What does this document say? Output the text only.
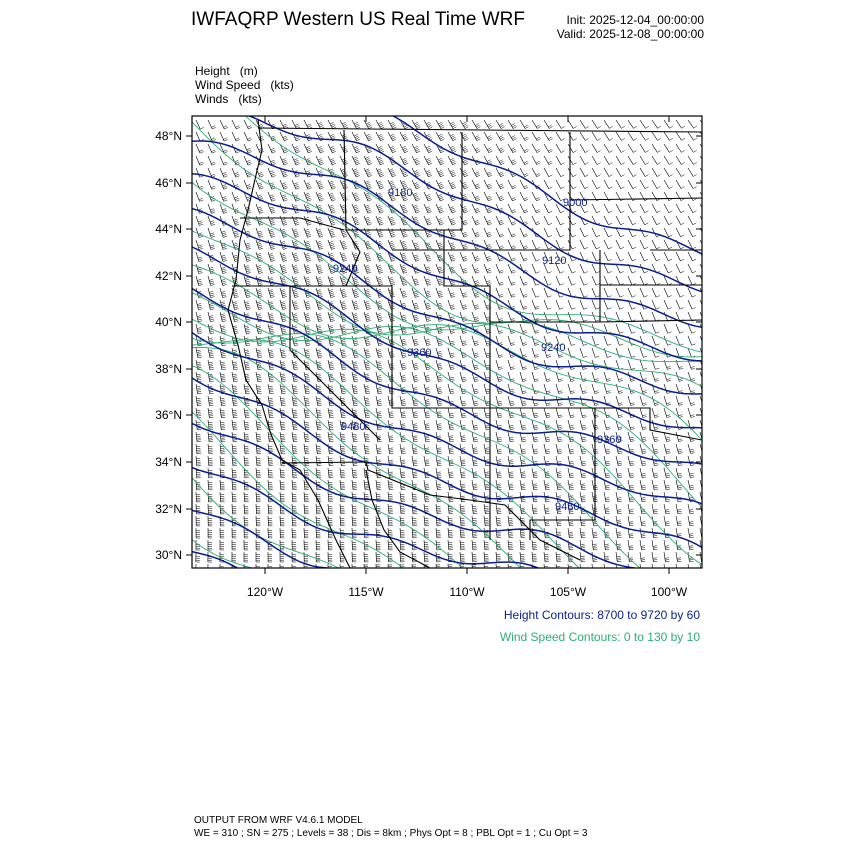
IWFAQRP Western US Real Time WRF	Init: 2025-12-04_00:00:00
Valid: 2025-12-08_00:00:00
Height (m)
Wind Speed (kts)
Winds (kts)
9180
9000
9240
9120
9360	9240
9480
9360
9480
48°N
46°N
44°N
42°N
40°N
38°N
36°N
34°N
32°N
30°N
120°W	115°W	110°W	105°W	100°W
Height Contours: 8700 to 9720 by 60
Wind Speed Contours: 0 to 130 by 10
OUTPUT FROM WRF V4.6.1 MODEL
WE = 310 ; SN = 275 ; Levels = 38 ; Dis = 8km ; Phys Opt = 8 ; PBL Opt = 1 ; Cu Opt = 3
